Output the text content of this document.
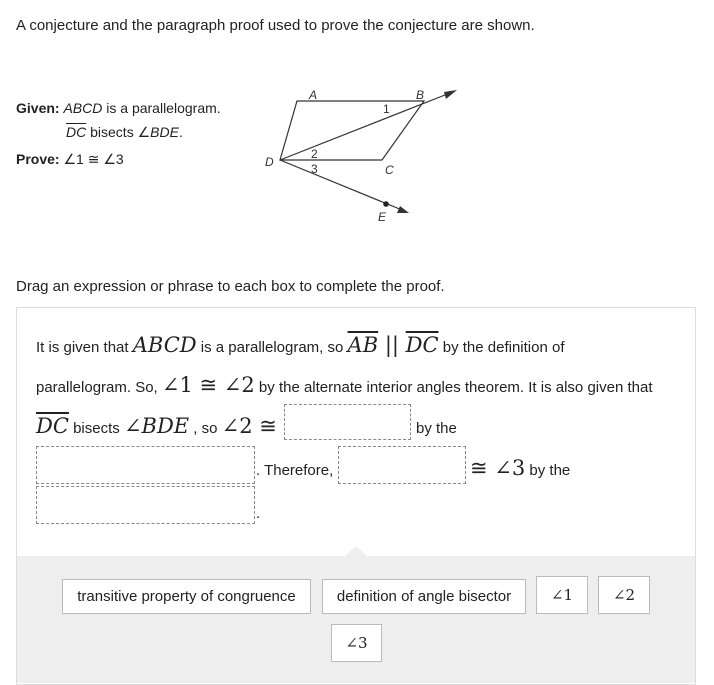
A conjecture and the paragraph proof used to prove the conjecture are shown.
Given: ABCD is a parallelogram.
$\overline{DC}$ bisects ∠BDE.
Prove: ∠1 ≅ ∠3
A	B
C
D
E
1
2
3
Drag an expression or phrase to each box to complete the proof.
It is given that ABCD is a parallelogram, so $\overline{AB}$ || $\overline{DC}$ by the definition of
parallelogram. So, ∠1 ≅ ∠2 by the alternate interior angles theorem. It is also given that
$\overline{DC}$ bisects ∠BDE , so ∠2 ≅	by the
. Therefore,	≅ ∠3 by the
.
transitive property of congruence	definition of angle bisector	∠1	∠2
∠3
